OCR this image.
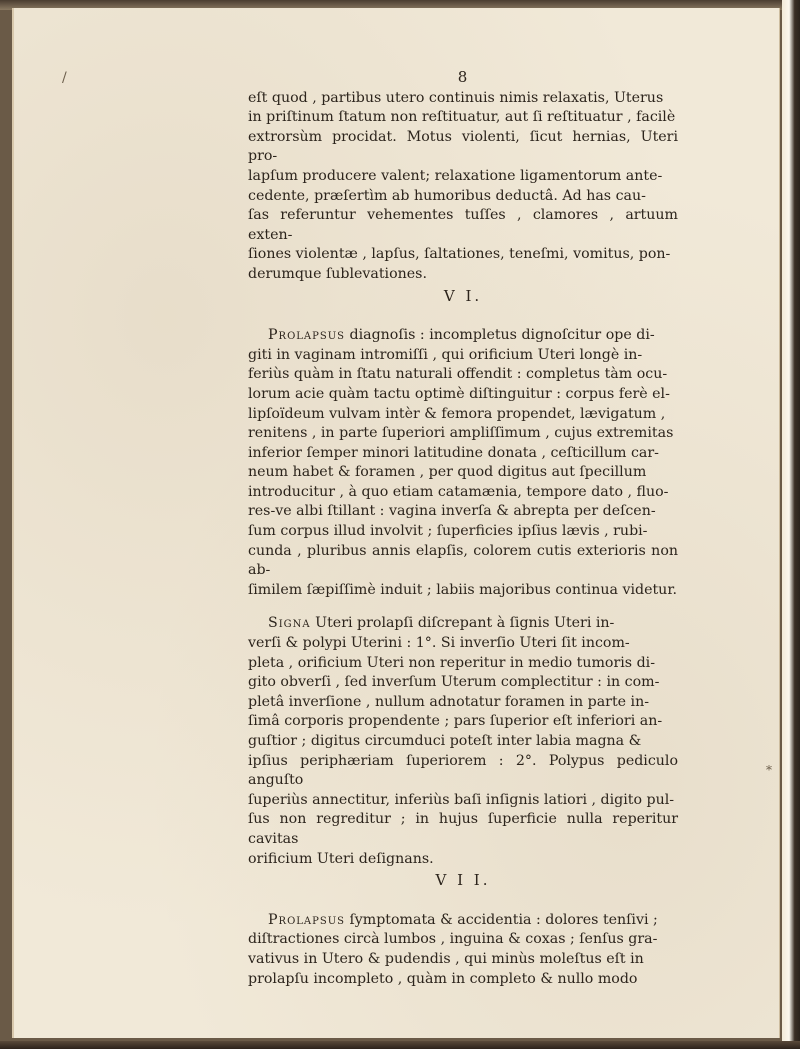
/
*
8
eſt quod , partibus utero continuis nimis relaxatis, Uterus
in priſtinum ſtatum non reſtituatur, aut ſi reſtituatur , facilè
extrorsùm procidat. Motus violenti, ſicut hernias, Uteri pro-
lapſum producere valent; relaxatione ligamentorum ante-
cedente, præſertìm ab humoribus deductâ. Ad has cau-
ſas referuntur vehementes tuſſes , clamores , artuum exten-
ſiones violentæ , lapſus, ſaltationes, teneſmi, vomitus, pon-
derumque ſublevationes.
V I.
Prolapsus diagnoſis : incompletus dignoſcitur ope di-
giti in vaginam intromiſſi , qui orificium Uteri longè in-
feriùs quàm in ſtatu naturali offendit : completus tàm ocu-
lorum acie quàm tactu optimè diſtinguitur : corpus ferè el-
lipſoïdeum vulvam intèr & femora propendet, lævigatum ,
renitens , in parte ſuperiori ampliſſimum , cujus extremitas
inferior ſemper minori latitudine donata , ceſticillum car-
neum habet & foramen , per quod digitus aut ſpecillum
introducitur , à quo etiam catamænia, tempore dato , fluo-
res-ve albi ſtillant : vagina inverſa & abrepta per deſcen-
ſum corpus illud involvit ; ſuperficies ipſius lævis , rubi-
cunda , pluribus annis elapſis, colorem cutis exterioris non ab-
ſimilem ſæpiſſimè induit ; labiis majoribus continua videtur.
Signa Uteri prolapſi diſcrepant à ſignis Uteri in-
verſi & polypi Uterini : 1°. Si inverſio Uteri ſit incom-
pleta , orificium Uteri non reperitur in medio tumoris di-
gito obverſi , ſed inverſum Uterum complectitur : in com-
pletâ inverſione , nullum adnotatur foramen in parte in-
ſimâ corporis propendente ; pars ſuperior eſt inferiori an-
guſtior ; digitus circumduci poteſt inter labia magna &
ipſius periphæriam ſuperiorem : 2°. Polypus pediculo anguſto
ſuperiùs annectitur, inferiùs baſi inſignis latiori , digito pul-
ſus non regreditur ; in hujus ſuperficie nulla reperitur cavitas
orificium Uteri deſignans.
V I I.
Prolapsus ſymptomata & accidentia : dolores tenſivi ;
diſtractiones circà lumbos , inguina & coxas ; ſenſus gra-
vativus in Utero & pudendis , qui minùs moleſtus eſt in
prolapſu incompleto , quàm in completo & nullo modo
